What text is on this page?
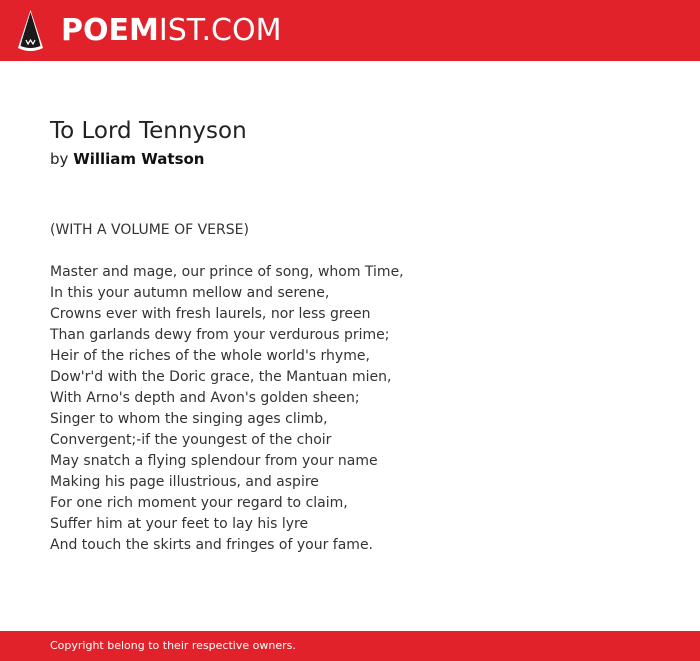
POEMIST.COM
To Lord Tennyson
by William Watson
(WITH A VOLUME OF VERSE)
Master and mage, our prince of song, whom Time,
In this your autumn mellow and serene,
Crowns ever with fresh laurels, nor less green
Than garlands dewy from your verdurous prime;
Heir of the riches of the whole world's rhyme,
Dow'r'd with the Doric grace, the Mantuan mien,
With Arno's depth and Avon's golden sheen;
Singer to whom the singing ages climb,
Convergent;-if the youngest of the choir
May snatch a flying splendour from your name
Making his page illustrious, and aspire
For one rich moment your regard to claim,
Suffer him at your feet to lay his lyre
And touch the skirts and fringes of your fame.
Copyright belong to their respective owners.
